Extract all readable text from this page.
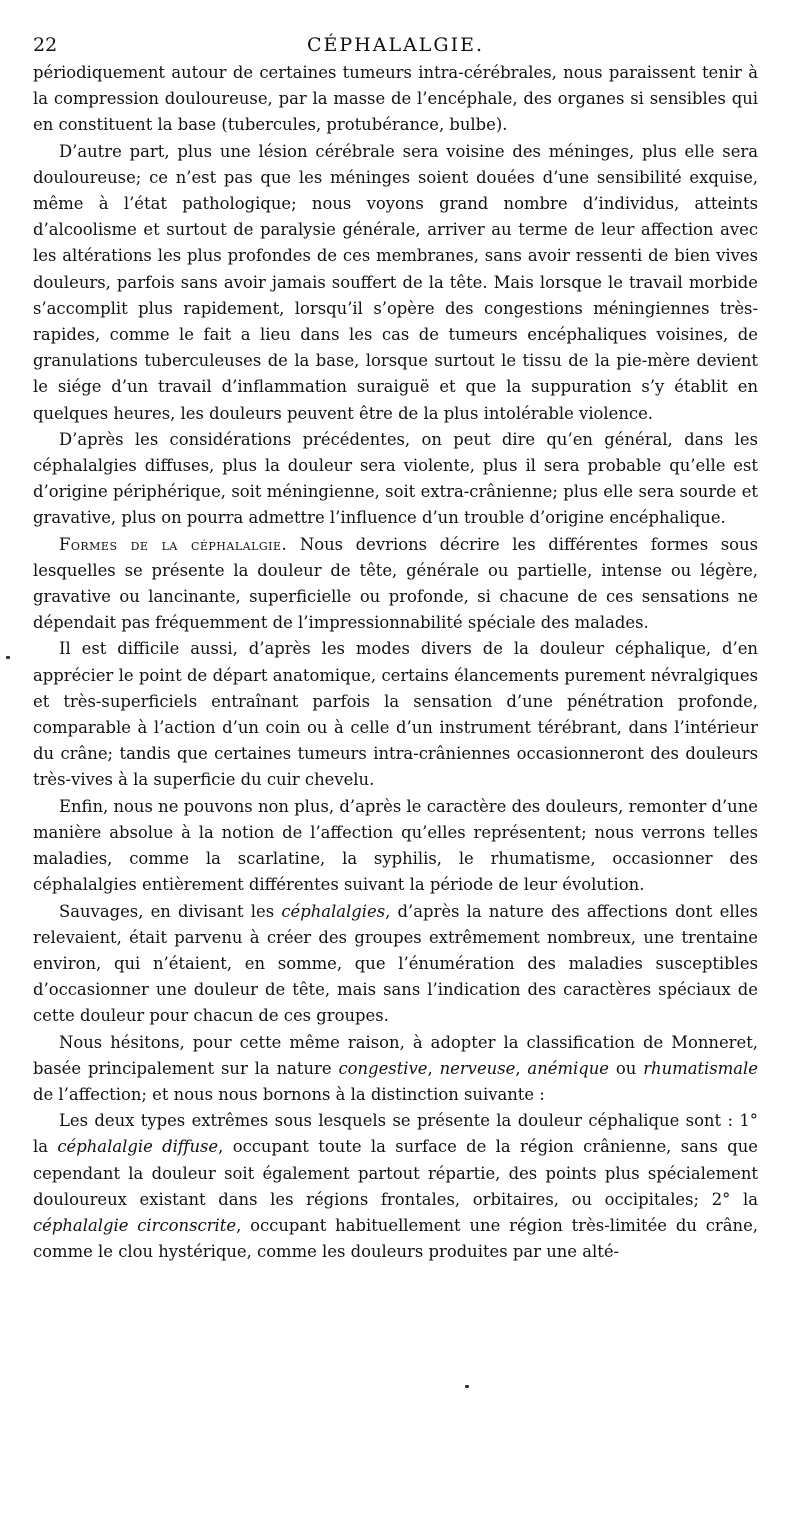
22	CÉPHALALGIE.

périodiquement autour de certaines tumeurs intra-cérébrales, nous paraissent tenir à la compression douloureuse, par la masse de l’encéphale, des organes si sensibles qui en constituent la base (tubercules, protubérance, bulbe).

D’autre part, plus une lésion cérébrale sera voisine des méninges, plus elle sera douloureuse; ce n’est pas que les méninges soient douées d’une sensibilité exquise, même à l’état pathologique; nous voyons grand nombre d’individus, atteints d’alcoolisme et surtout de paralysie générale, arriver au terme de leur affection avec les altérations les plus profondes de ces membranes, sans avoir ressenti de bien vives douleurs, parfois sans avoir jamais souffert de la tête. Mais lorsque le travail morbide s’accomplit plus rapidement, lorsqu’il s’opère des congestions méningiennes très-rapides, comme le fait a lieu dans les cas de tumeurs encéphaliques voisines, de granulations tuberculeuses de la base, lorsque surtout le tissu de la pie-mère devient le siége d’un travail d’inflammation suraiguë et que la suppuration s’y établit en quelques heures, les douleurs peuvent être de la plus intolérable violence.

D’après les considérations précédentes, on peut dire qu’en général, dans les céphalalgies diffuses, plus la douleur sera violente, plus il sera probable qu’elle est d’origine périphérique, soit méningienne, soit extra-crânienne; plus elle sera sourde et gravative, plus on pourra admettre l’influence d’un trouble d’origine encéphalique.

Formes de la céphalalgie. Nous devrions décrire les différentes formes sous lesquelles se présente la douleur de tête, générale ou partielle, intense ou légère, gravative ou lancinante, superficielle ou profonde, si chacune de ces sensations ne dépendait pas fréquemment de l’impressionnabilité spéciale des malades.

Il est difficile aussi, d’après les modes divers de la douleur céphalique, d’en apprécier le point de départ anatomique, certains élancements purement névralgiques et très-superficiels entraînant parfois la sensation d’une pénétration profonde, comparable à l’action d’un coin ou à celle d’un instrument térébrant, dans l’intérieur du crâne; tandis que certaines tumeurs intra-crâniennes occasionneront des douleurs très-vives à la superficie du cuir chevelu.

Enfin, nous ne pouvons non plus, d’après le caractère des douleurs, remonter d’une manière absolue à la notion de l’affection qu’elles représentent; nous verrons telles maladies, comme la scarlatine, la syphilis, le rhumatisme, occasionner des céphalalgies entièrement différentes suivant la période de leur évolution.

Sauvages, en divisant les céphalalgies, d’après la nature des affections dont elles relevaient, était parvenu à créer des groupes extrêmement nombreux, une trentaine environ, qui n’étaient, en somme, que l’énumération des maladies susceptibles d’occasionner une douleur de tête, mais sans l’indication des caractères spéciaux de cette douleur pour chacun de ces groupes.

Nous hésitons, pour cette même raison, à adopter la classification de Monneret, basée principalement sur la nature congestive, nerveuse, anémique ou rhumatismale de l’affection; et nous nous bornons à la distinction suivante :

Les deux types extrêmes sous lesquels se présente la douleur céphalique sont : 1° la céphalalgie diffuse, occupant toute la surface de la région crânienne, sans que cependant la douleur soit également partout répartie, des points plus spécialement douloureux existant dans les régions frontales, orbitaires, ou occipitales; 2° la céphalalgie circonscrite, occupant habituellement une région très-limitée du crâne, comme le clou hystérique, comme les douleurs produites par une alté-
